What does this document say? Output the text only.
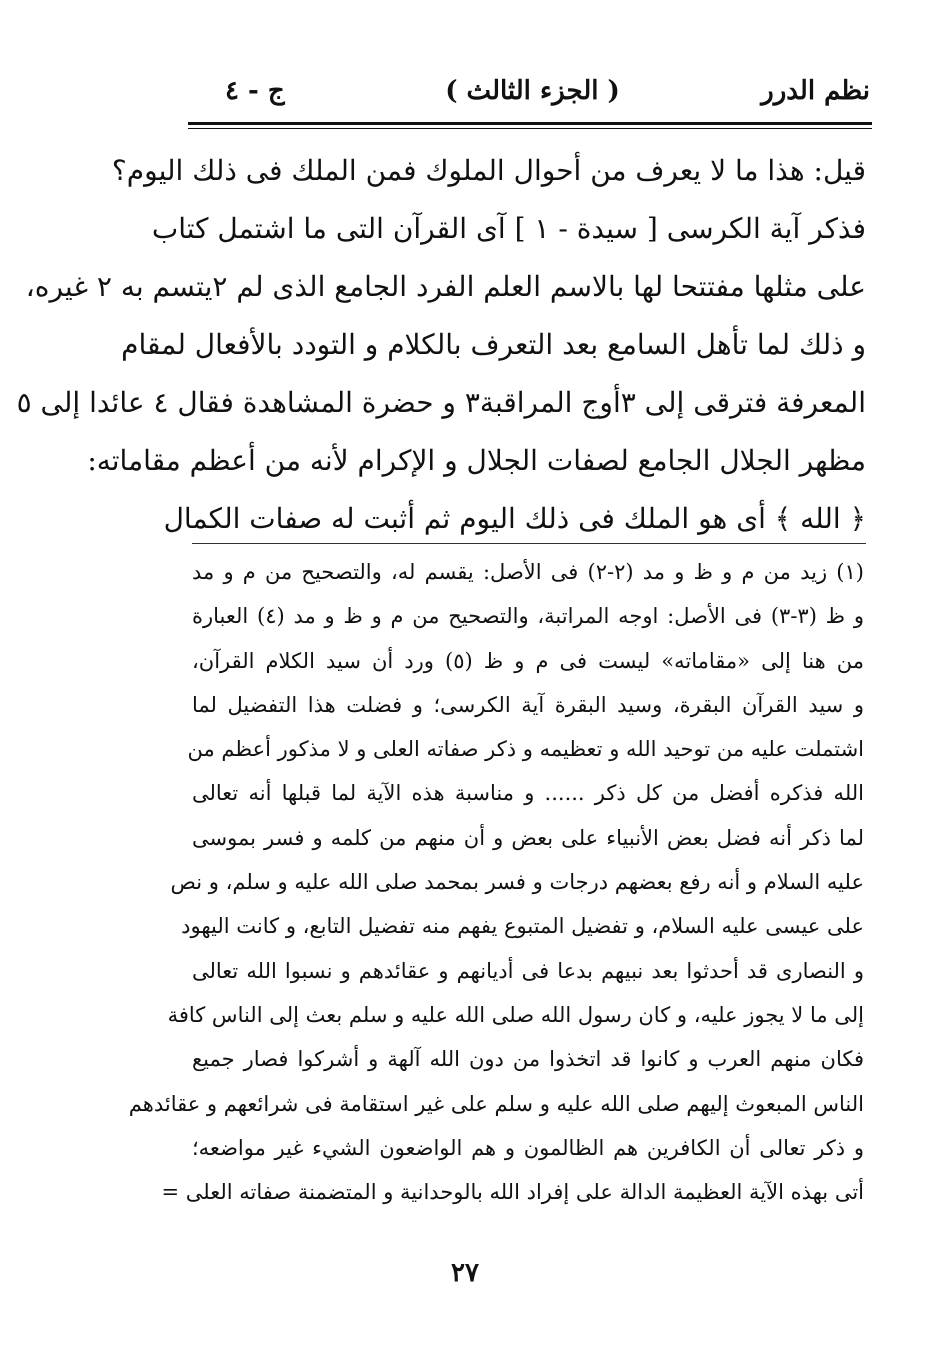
نظم الدرر
( الجزء الثالث )
ج - ٤
قيل: هذا ما لا يعرف من أحوال الملوك فمن الملك فى ذلك اليوم؟
فذكر آية الكرسى [ سيدة - ١ ] آى القرآن التى ما اشتمل كتاب
على مثلها مفتتحا لها بالاسم العلم الفرد الجامع الذى لم ٢يتسم به ٢ غيره،
و ذلك لما تأهل السامع بعد التعرف بالكلام و التودد بالأفعال لمقام
المعرفة فترقى إلى ٣أوج المراقبة٣ و حضرة المشاهدة فقال ٤ عائدا إلى ٥
مظهر الجلال الجامع لصفات الجلال و الإكرام لأنه من أعظم مقاماته:
﴿ الله ﴾ أى هو الملك فى ذلك اليوم ثم أثبت له صفات الكمال
(١) زيد من م و ظ و مد (٢-٢) فى الأصل: يقسم له، والتصحيح من م و مد
و ظ (٣-٣) فى الأصل: اوجه المراتبة، والتصحيح من م و ظ و مد (٤) العبارة
من هنا إلى «مقاماته» ليست فى م و ظ (٥) ورد أن سيد الكلام القرآن،
و سيد القرآن البقرة، وسيد البقرة آية الكرسى؛ و فضلت هذا التفضيل لما
اشتملت عليه من توحيد الله و تعظيمه و ذكر صفاته العلى و لا مذكور أعظم من
الله فذكره أفضل من كل ذكر ...... و مناسبة هذه الآية لما قبلها أنه تعالى
لما ذكر أنه فضل بعض الأنبياء على بعض و أن منهم من كلمه و فسر بموسى
عليه السلام و أنه رفع بعضهم درجات و فسر بمحمد صلى الله عليه و سلم، و نص
على عيسى عليه السلام، و تفضيل المتبوع يفهم منه تفضيل التابع، و كانت اليهود
و النصارى قد أحدثوا بعد نبيهم بدعا فى أديانهم و عقائدهم و نسبوا الله تعالى
إلى ما لا يجوز عليه، و كان رسول الله صلى الله عليه و سلم بعث إلى الناس كافة
فكان منهم العرب و كانوا قد اتخذوا من دون الله آلهة و أشركوا فصار جميع
الناس المبعوث إليهم صلى الله عليه و سلم على غير استقامة فى شرائعهم و عقائدهم
و ذكر تعالى أن الكافرين هم الظالمون و هم الواضعون الشيء غير مواضعه؛
أتى بهذه الآية العظيمة الدالة على إفراد الله بالوحدانية و المتضمنة صفاته العلى =
٢٧
